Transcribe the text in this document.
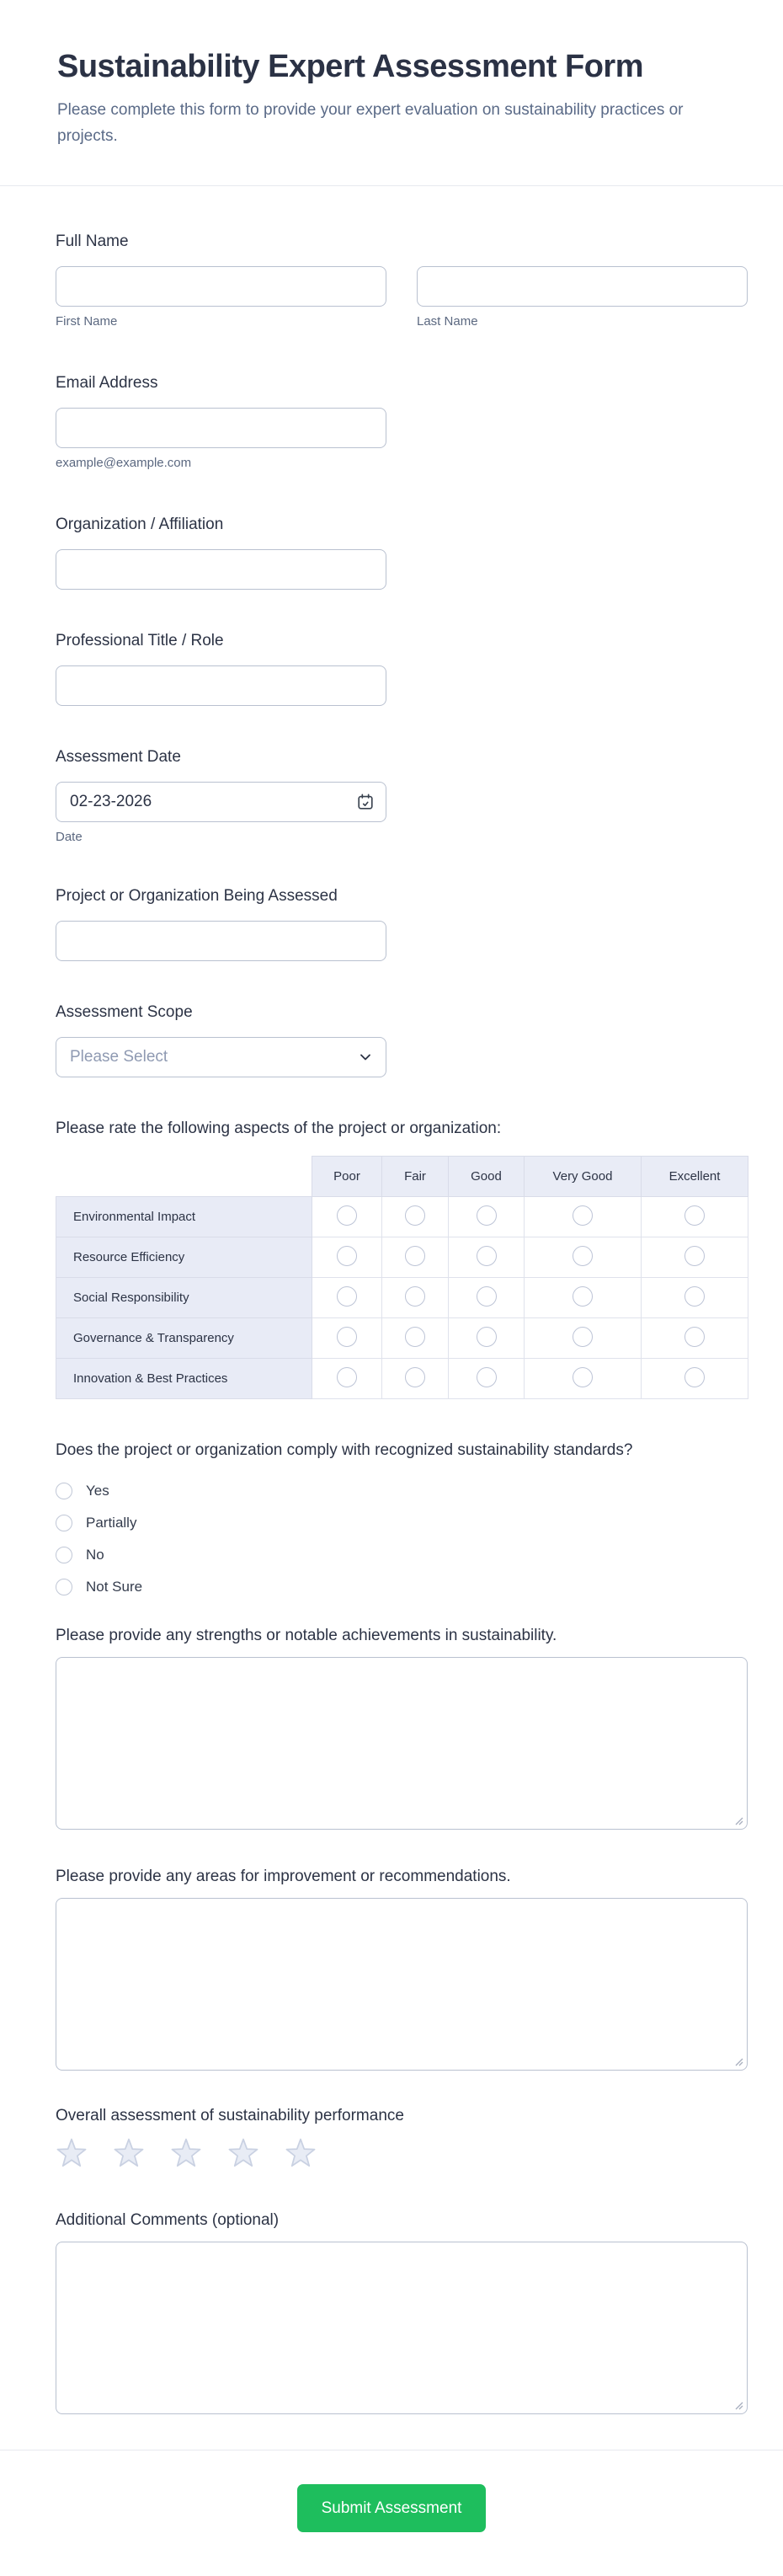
Sustainability Expert Assessment Form

Please complete this form to provide your expert evaluation on sustainability practices or projects.

Full Name
First Name	Last Name
Email Address
example@example.com
Organization / Affiliation
Professional Title / Role
Assessment Date
02-23-2026
Date
Project or Organization Being Assessed
Assessment Scope
Please Select
Please rate the following aspects of the project or organization:
	Poor	Fair	Good	Very Good	Excellent
Environmental Impact					
Resource Efficiency					
Social Responsibility					
Governance & Transparency					
Innovation & Best Practices					
Does the project or organization comply with recognized sustainability standards?
Yes
Partially
No
Not Sure
Please provide any strengths or notable achievements in sustainability.
Please provide any areas for improvement or recommendations.
Overall assessment of sustainability performance
Additional Comments (optional)
Submit Assessment
